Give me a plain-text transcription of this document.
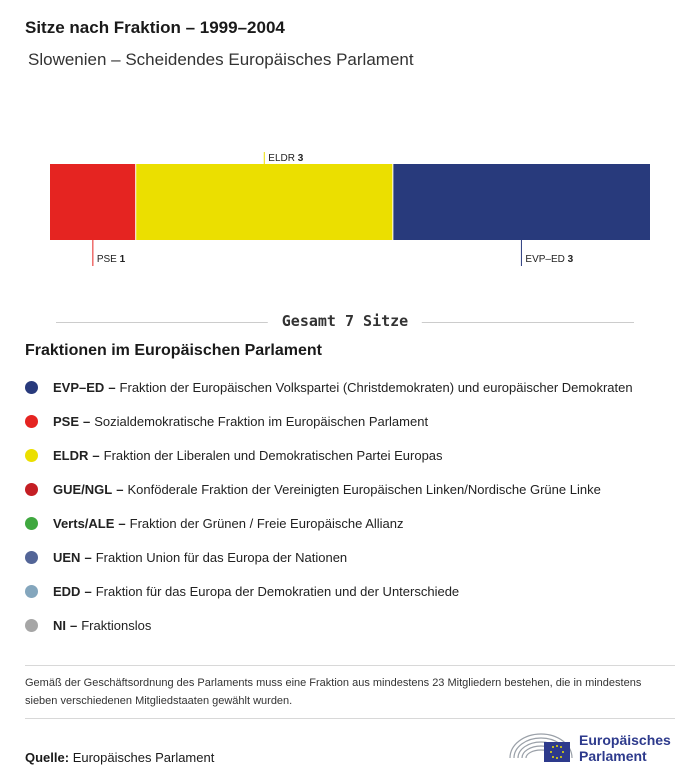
Sitze nach Fraktion – 1999–2004
Slowenien – Scheidendes Europäisches Parlament
PSE 1
ELDR 3
EVP–ED 3
Gesamt 7 Sitze
Fraktionen im Europäischen Parlament
EVP–ED – Fraktion der Europäischen Volkspartei (Christdemokraten) und europäischer Demokraten
PSE – Sozialdemokratische Fraktion im Europäischen Parlament
ELDR – Fraktion der Liberalen und Demokratischen Partei Europas
GUE/NGL – Konföderale Fraktion der Vereinigten Europäischen Linken/Nordische Grüne Linke
Verts/ALE – Fraktion der Grünen / Freie Europäische Allianz
UEN – Fraktion Union für das Europa der Nationen
EDD – Fraktion für das Europa der Demokratien und der Unterschiede
NI – Fraktionslos

Gemäß der Geschäftsordnung des Parlaments muss eine Fraktion aus mindestens 23 Mitgliedern bestehen, die in mindestens sieben verschiedenen Mitgliedstaaten gewählt wurden.

Quelle: Europäisches Parlament
Europäisches
Parlament
